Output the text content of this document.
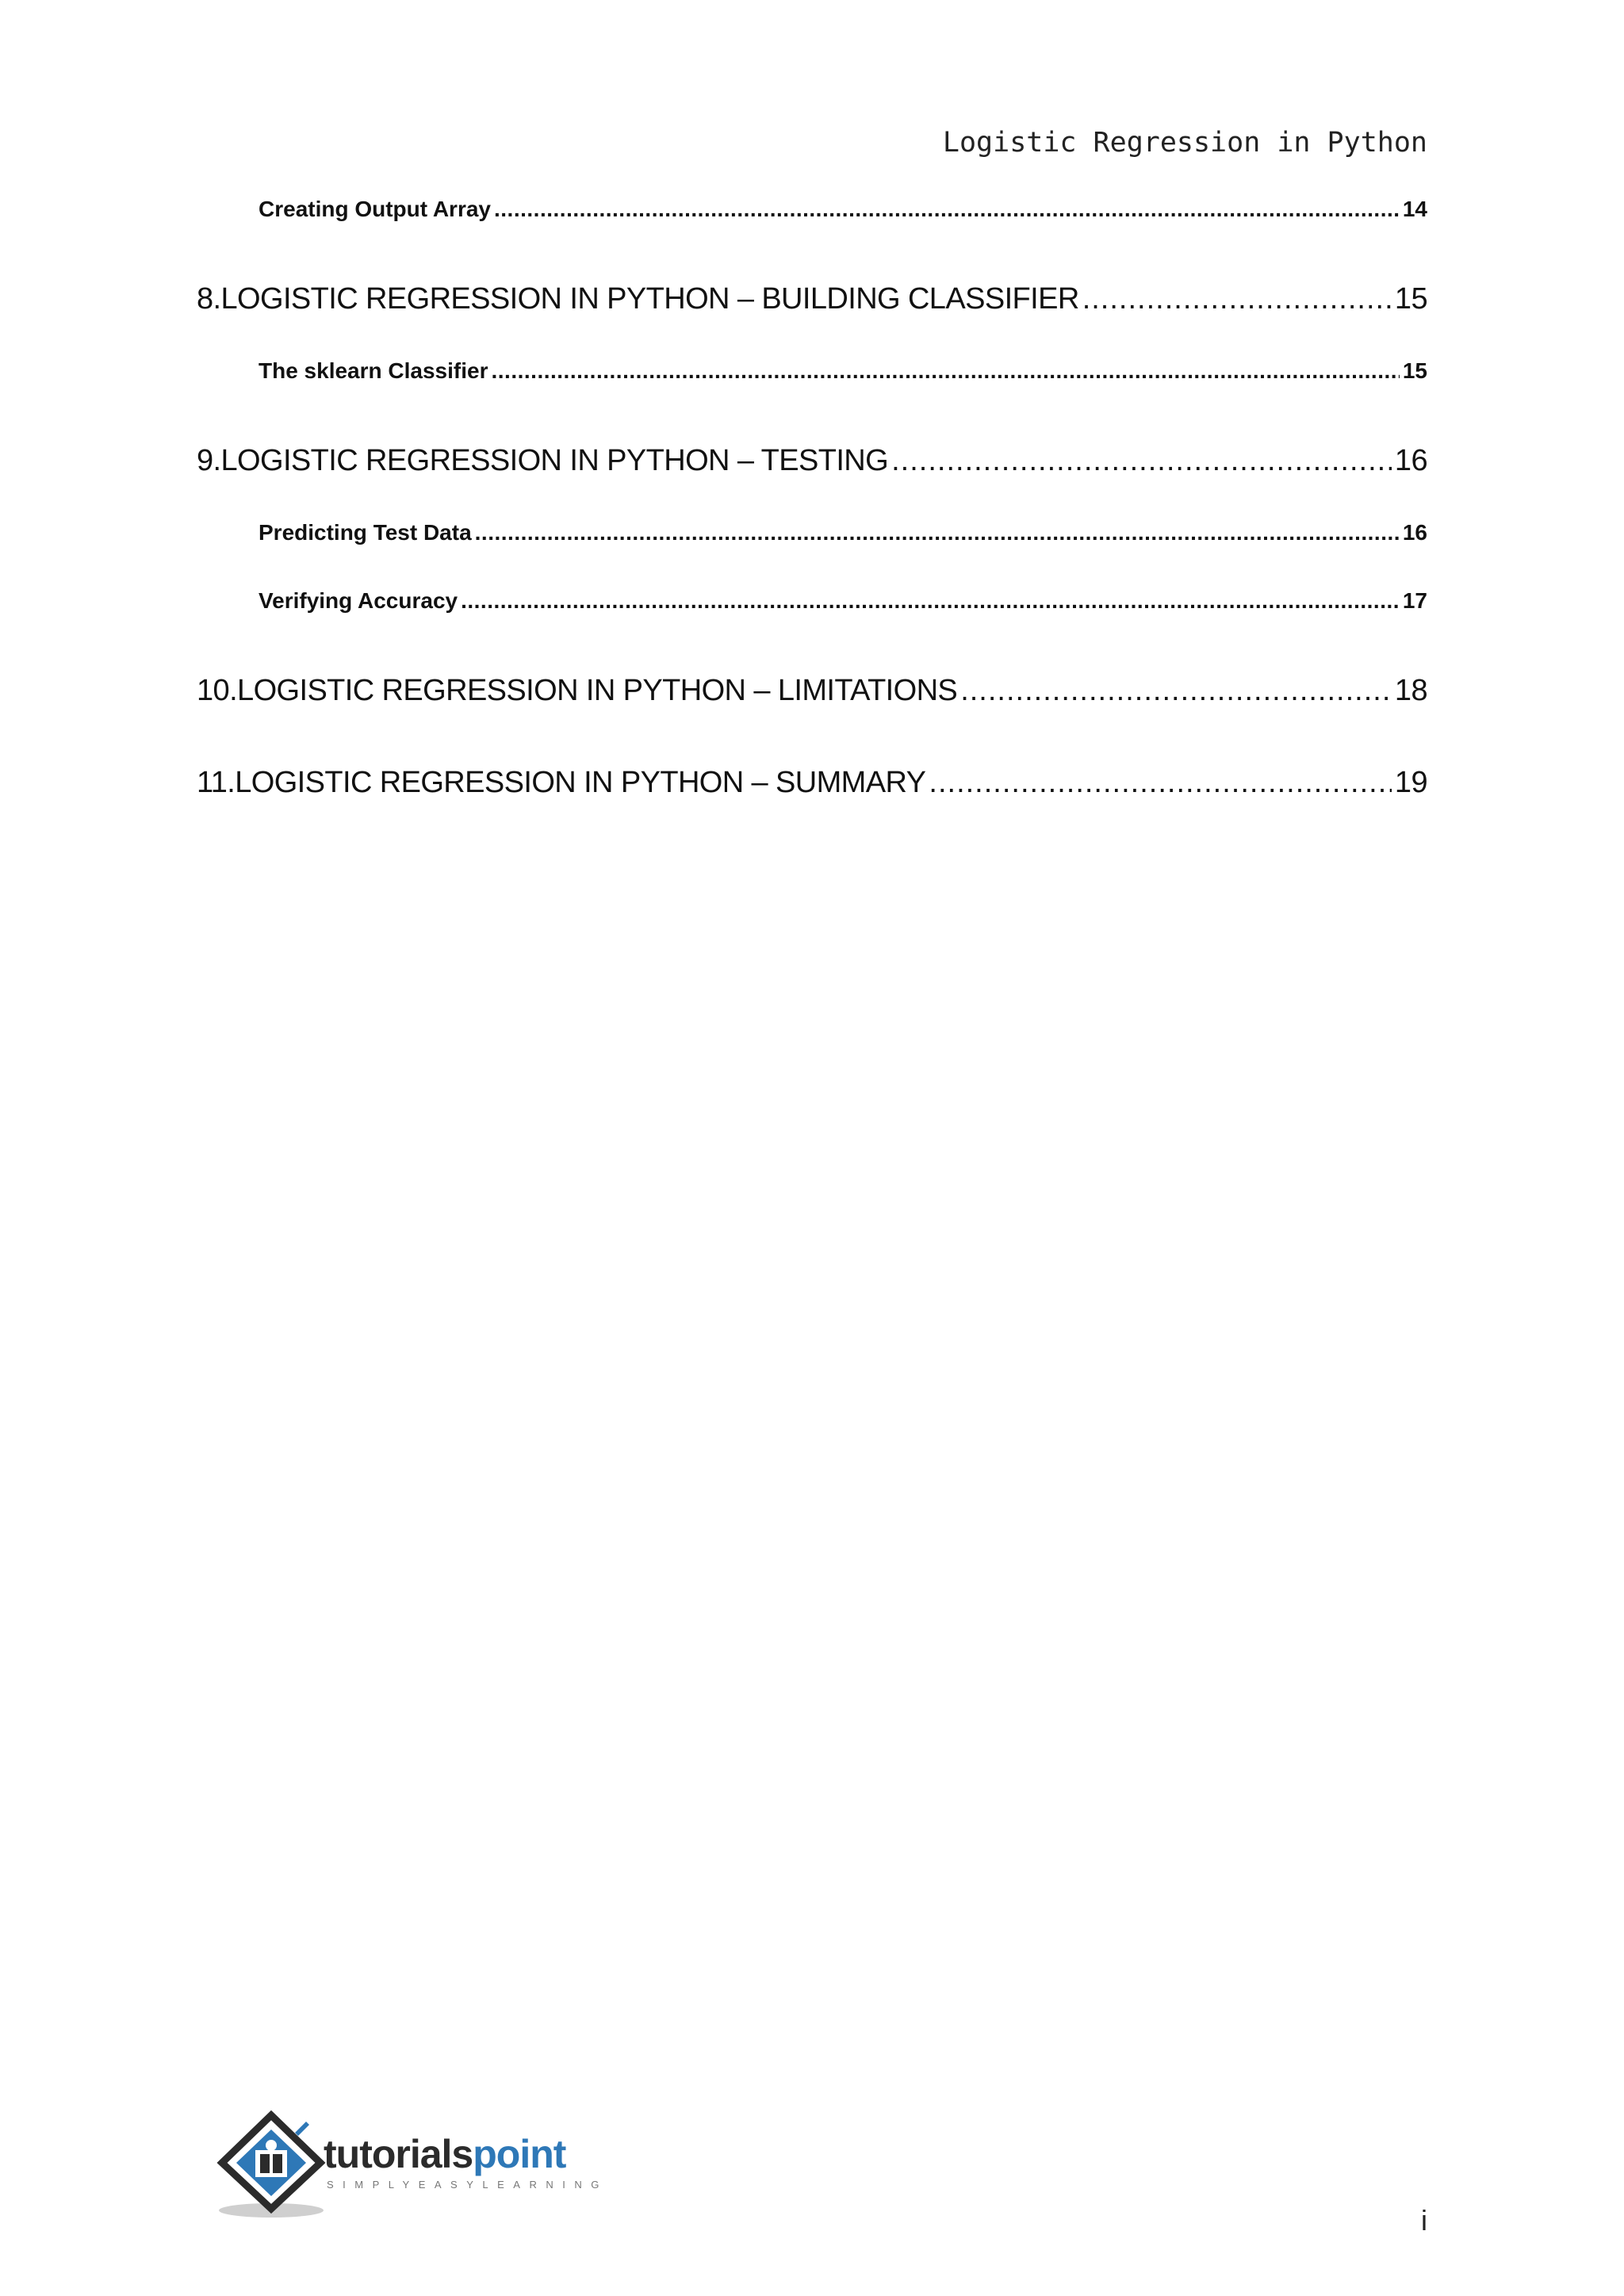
Logistic Regression in Python
Creating Output Array .....	14
8. LOGISTIC REGRESSION IN PYTHON – BUILDING CLASSIFIER .....	15
The sklearn Classifier .....	15
9. LOGISTIC REGRESSION IN PYTHON – TESTING .....	16
Predicting Test Data .....	16
Verifying Accuracy .....	17
10. LOGISTIC REGRESSION IN PYTHON – LIMITATIONS .....	18
11. LOGISTIC REGRESSION IN PYTHON – SUMMARY .....	19
tutorialspoint
SIMPLYEASYLEARNING
i
